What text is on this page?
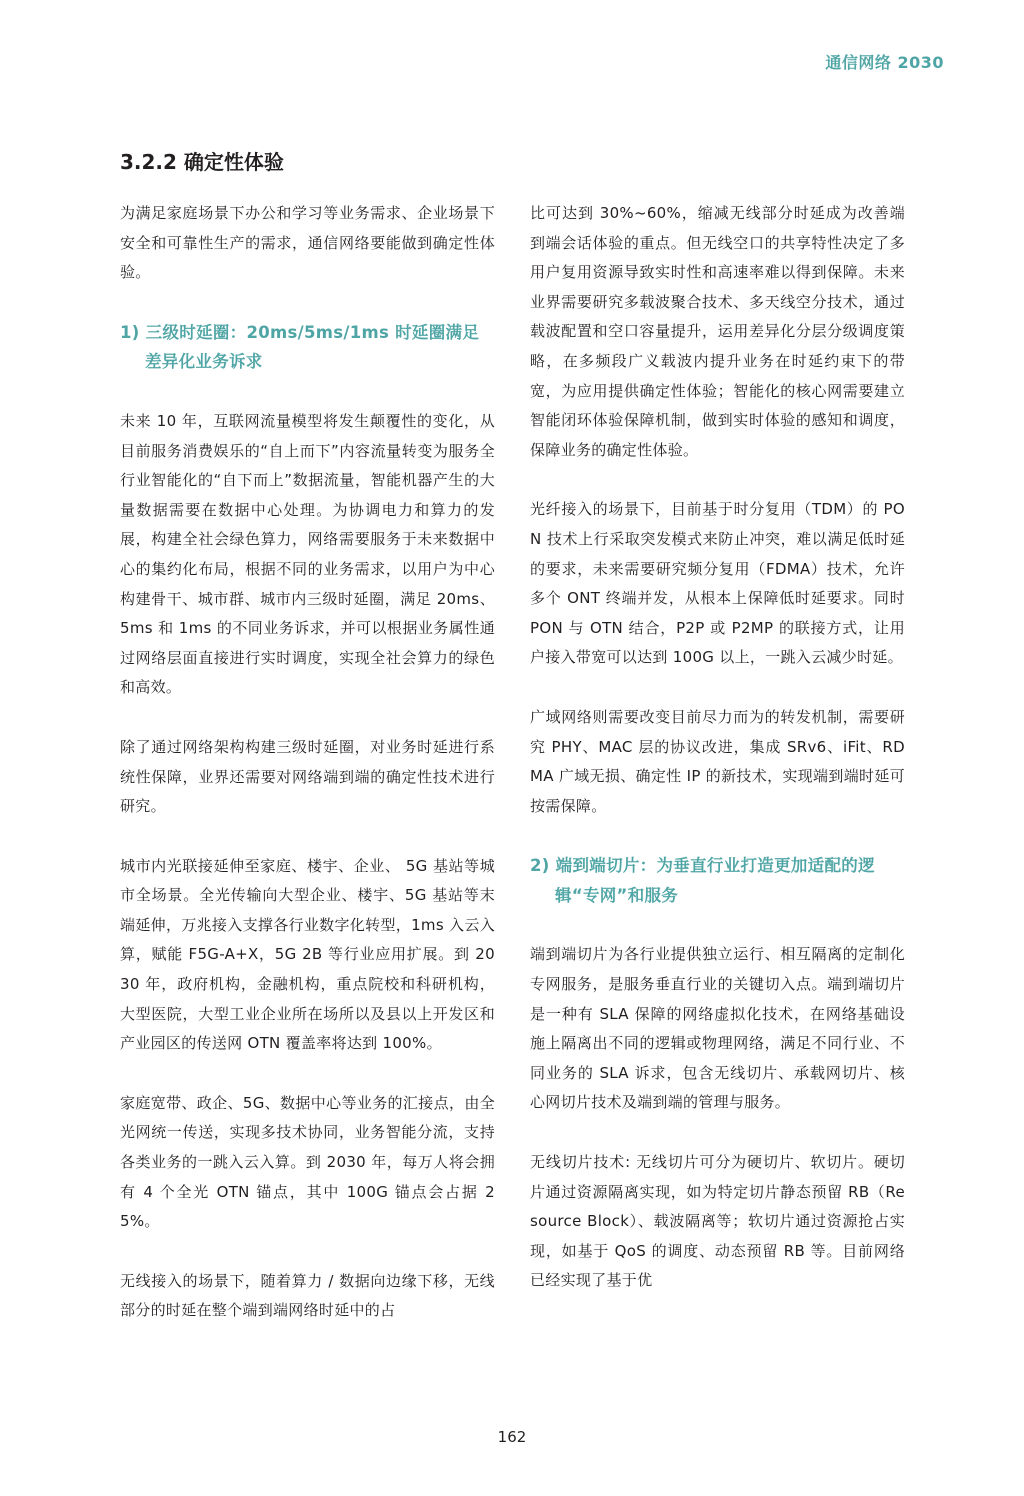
通信网络 2030
3.2.2 确定性体验

为满足家庭场景下办公和学习等业务需求、企业场景下安全和可靠性生产的需求，通信网络要能做到确定性体验。

1) 三级时延圈：20ms/5ms/1ms 时延圈满足差异化业务诉求

未来 10 年，互联网流量模型将发生颠覆性的变化，从目前服务消费娱乐的“自上而下”内容流量转变为服务全行业智能化的“自下而上”数据流量，智能机器产生的大量数据需要在数据中心处理。为协调电力和算力的发展，构建全社会绿色算力，网络需要服务于未来数据中心的集约化布局，根据不同的业务需求，以用户为中心构建骨干、城市群、城市内三级时延圈，满足 20ms、5ms 和 1ms 的不同业务诉求，并可以根据业务属性通过网络层面直接进行实时调度，实现全社会算力的绿色和高效。

除了通过网络架构构建三级时延圈，对业务时延进行系统性保障，业界还需要对网络端到端的确定性技术进行研究。

城市内光联接延伸至家庭、楼宇、企业、 5G 基站等城市全场景。全光传输向大型企业、楼宇、5G 基站等末端延伸，万兆接入支撑各行业数字化转型，1ms 入云入算，赋能 F5G-A+X，5G 2B 等行业应用扩展。到 2030 年，政府机构，金融机构，重点院校和科研机构，大型医院，大型工业企业所在场所以及县以上开发区和产业园区的传送网 OTN 覆盖率将达到 100%。

家庭宽带、政企、5G、数据中心等业务的汇接点，由全光网统一传送，实现多技术协同，业务智能分流，支持各类业务的一跳入云入算。到 2030 年，每万人将会拥有 4 个全光 OTN 锚点，其中 100G 锚点会占据 25%。

无线接入的场景下，随着算力 / 数据向边缘下移，无线部分的时延在整个端到端网络时延中的占

比可达到 30%~60%，缩减无线部分时延成为改善端到端会话体验的重点。但无线空口的共享特性决定了多用户复用资源导致实时性和高速率难以得到保障。未来业界需要研究多载波聚合技术、多天线空分技术，通过载波配置和空口容量提升，运用差异化分层分级调度策略，在多频段广义载波内提升业务在时延约束下的带宽，为应用提供确定性体验；智能化的核心网需要建立智能闭环体验保障机制，做到实时体验的感知和调度，保障业务的确定性体验。

光纤接入的场景下，目前基于时分复用（TDM）的 PON 技术上行采取突发模式来防止冲突，难以满足低时延的要求，未来需要研究频分复用（FDMA）技术，允许多个 ONT 终端并发，从根本上保障低时延要求。同时 PON 与 OTN 结合，P2P 或 P2MP 的联接方式，让用户接入带宽可以达到 100G 以上，一跳入云减少时延。

广域网络则需要改变目前尽力而为的转发机制，需要研究 PHY、MAC 层的协议改进，集成 SRv6、iFit、RDMA 广域无损、确定性 IP 的新技术，实现端到端时延可按需保障。

2) 端到端切片：为垂直行业打造更加适配的逻辑“专网”和服务

端到端切片为各行业提供独立运行、相互隔离的定制化专网服务，是服务垂直行业的关键切入点。端到端切片是一种有 SLA 保障的网络虚拟化技术，在网络基础设施上隔离出不同的逻辑或物理网络，满足不同行业、不同业务的 SLA 诉求，包含无线切片、承载网切片、核心网切片技术及端到端的管理与服务。

无线切片技术: 无线切片可分为硬切片、软切片。硬切片通过资源隔离实现，如为特定切片静态预留 RB（Resource Block）、载波隔离等；软切片通过资源抢占实现，如基于 QoS 的调度、动态预留 RB 等。目前网络已经实现了基于优

162
